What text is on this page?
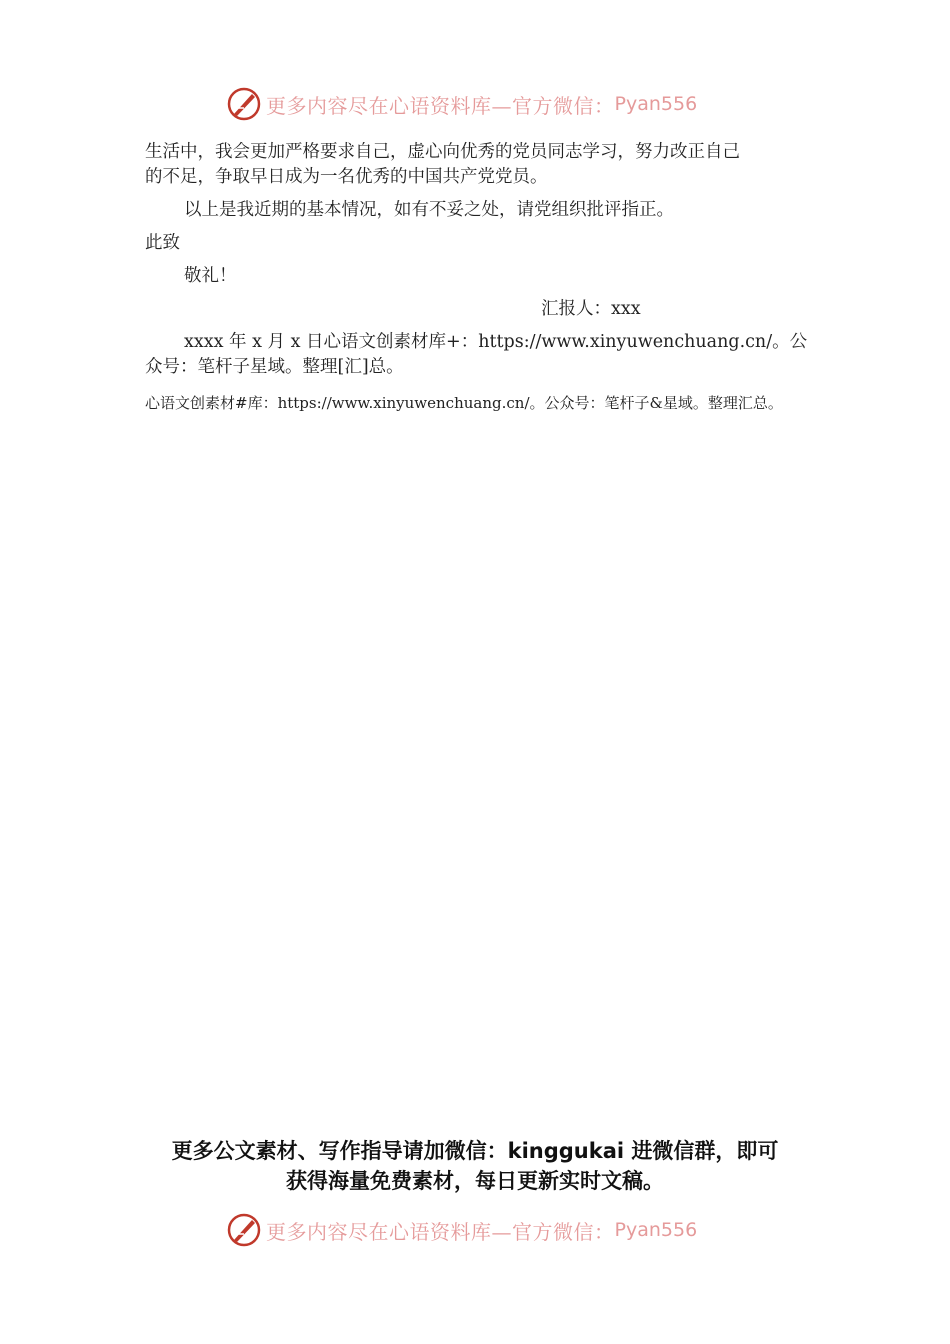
更多内容尽在心语资料库—官方微信： Pyan556
生活中，我会更加严格要求自己，虚心向优秀的党员同志学习，努力改正自己
的不足，争取早日成为一名优秀的中国共产党党员。
以上是我近期的基本情况，如有不妥之处，请党组织批评指正。
此致
敬礼！
汇报人：xxx
xxxx 年 x 月 x 日心语文创素材库+：https://www.xinyuwenchuang.cn/。公
众号：笔杆子星域。整理[汇]总。
心语文创素材#库：https://www.xinyuwenchuang.cn/。公众号：笔杆子&星域。整理汇总。
更多公文素材、写作指导请加微信：kinggukai 进微信群，即可
获得海量免费素材，每日更新实时文稿。
更多内容尽在心语资料库—官方微信： Pyan556
